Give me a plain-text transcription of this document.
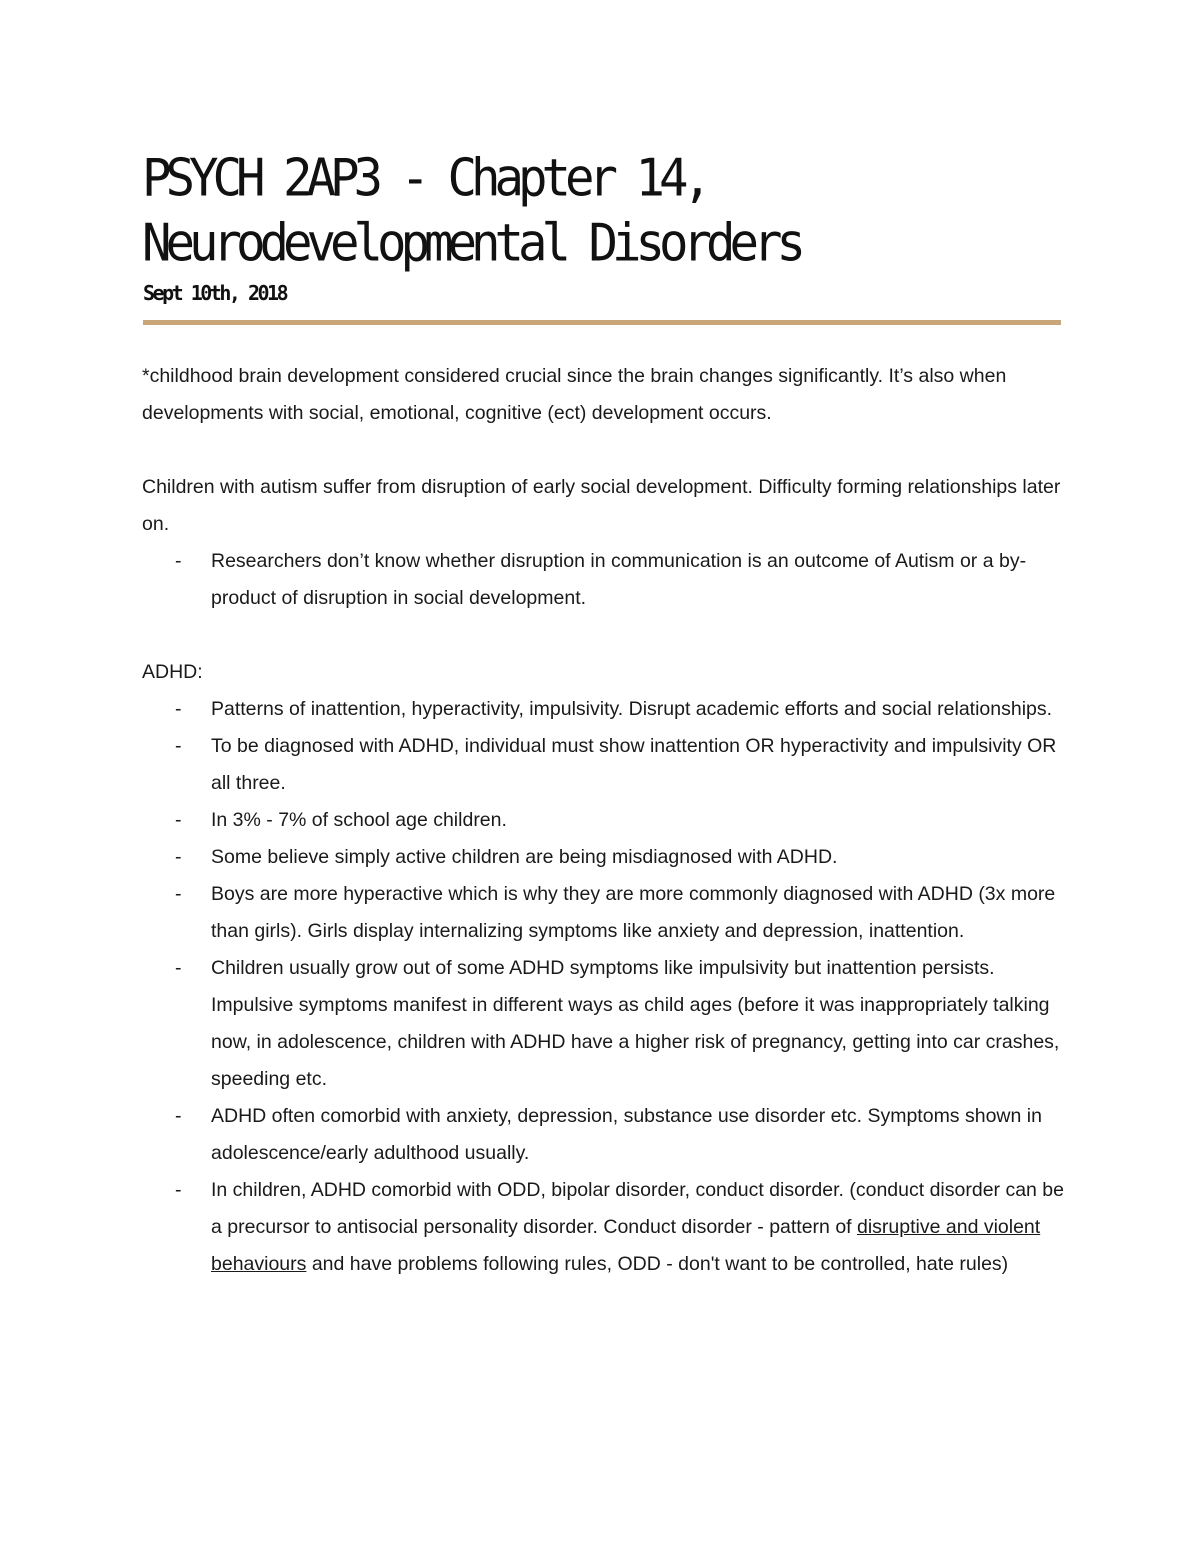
PSYCH 2AP3 - Chapter 14, Neurodevelopmental Disorders
Sept 10th, 2018

*childhood brain development considered crucial since the brain changes significantly. It’s also when developments with social, emotional, cognitive (ect) development occurs.

Children with autism suffer from disruption of early social development. Difficulty forming relationships later on.

- Researchers don’t know whether disruption in communication is an outcome of Autism or a by-product of disruption in social development.

ADHD:

- Patterns of inattention, hyperactivity, impulsivity. Disrupt academic efforts and social relationships.
- To be diagnosed with ADHD, individual must show inattention OR hyperactivity and impulsivity OR all three.
- In 3% - 7% of school age children.
- Some believe simply active children are being misdiagnosed with ADHD.
- Boys are more hyperactive which is why they are more commonly diagnosed with ADHD (3x more than girls). Girls display internalizing symptoms like anxiety and depression, inattention.
- Children usually grow out of some ADHD symptoms like impulsivity but inattention persists. Impulsive symptoms manifest in different ways as child ages (before it was inappropriately talking now, in adolescence, children with ADHD have a higher risk of pregnancy, getting into car crashes, speeding etc.
- ADHD often comorbid with anxiety, depression, substance use disorder etc. Symptoms shown in adolescence/early adulthood usually.
- In children, ADHD comorbid with ODD, bipolar disorder, conduct disorder. (conduct disorder can be a precursor to antisocial personality disorder. Conduct disorder - pattern of disruptive and violent behaviours and have problems following rules, ODD - don't want to be controlled, hate rules)
